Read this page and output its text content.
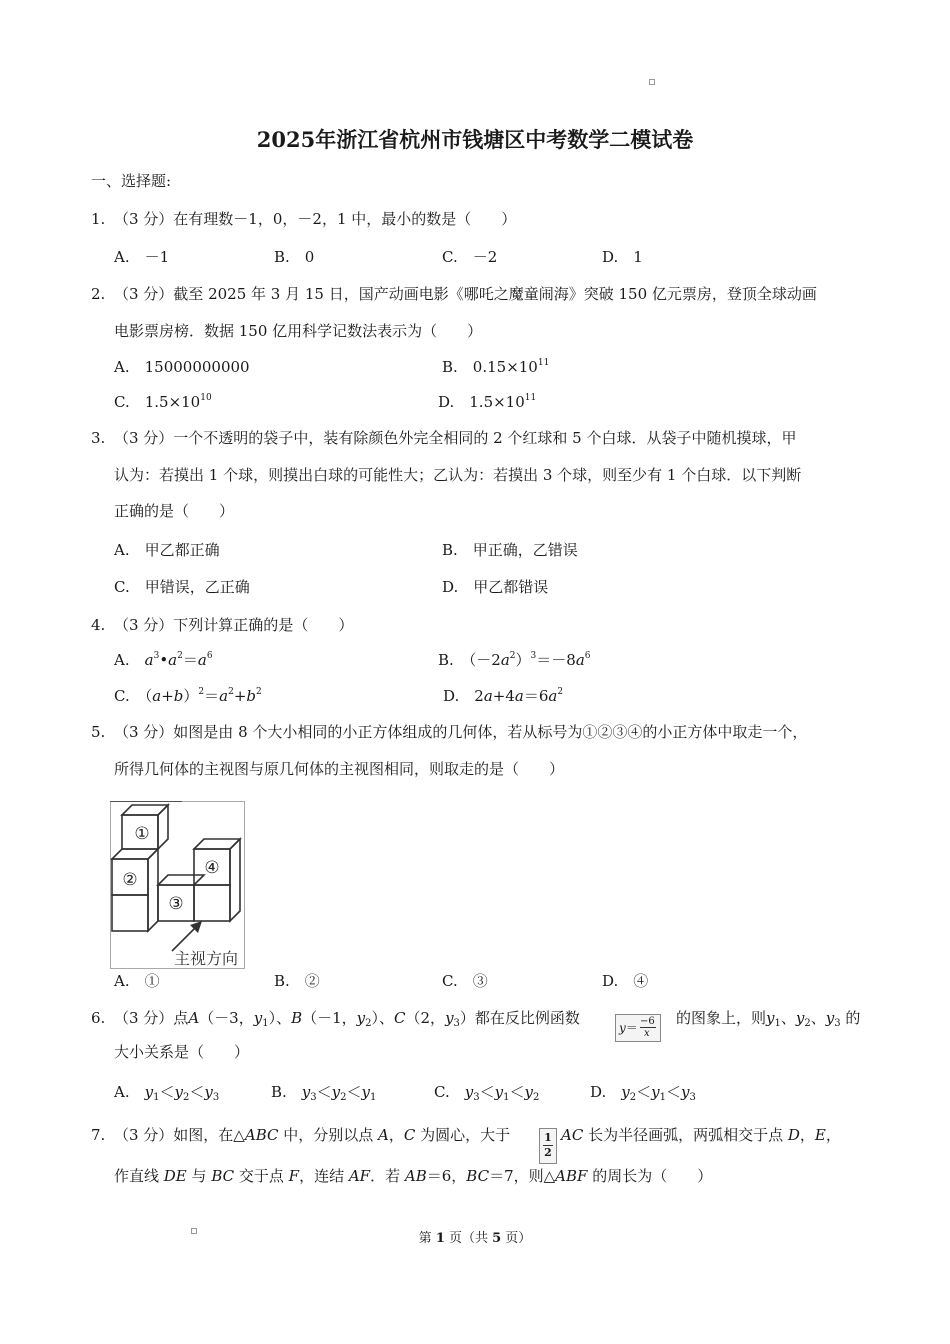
2025年浙江省杭州市钱塘区中考数学二模试卷
一、选择题:
1. （3 分）在有理数－1，0，－2，1 中，最小的数是（　　）
A.　－1	B.　0	C.　－2	D.　1
2. （3 分）截至 2025 年 3 月 15 日，国产动画电影《哪吒之魔童闹海》突破 150 亿元票房，登顶全球动画
电影票房榜．数据 150 亿用科学记数法表示为（　　）
A.　15000000000	B.　$0.15\times 10^{11}$
C.　$1.5\times 10^{10}$	D.　$1.5\times 10^{11}$
3. （3 分）一个不透明的袋子中，装有除颜色外完全相同的 2 个红球和 5 个白球．从袋子中随机摸球，甲
认为：若摸出 1 个球，则摸出白球的可能性大；乙认为：若摸出 3 个球，则至少有 1 个白球．以下判断
正确的是（　　）
A.　甲乙都正确	B.　甲正确，乙错误
C.　甲错误，乙正确	D.　甲乙都错误
4. （3 分）下列计算正确的是（　　）
A.　 $a^3•a^2=a^6$	B.　$(-2a^2)^3=-8a^6$
C.　$(a+b)^2=a^2+b^2$	D.　$2a+4a=6a^2$
5. （3 分）如图是由 8 个大小相同的小正方体组成的几何体，若从标号为①②③④的小正方体中取走一个，
所得几何体的主视图与原几何体的主视图相同，则取走的是（　　）
①
②
③
④
主视方向
A.　①	B.　②	C.　③	D.　④
6. （3 分）点A（－3，$y_1$）、B（－1，$y_2$）、C（2，$y_3$）都在反比例函数
y＝ −6
x
的图象上，则$y_1$、$y_2$、$y_3$ 的
大小关系是（　　）
A.　$y_1<y_2<y_3$	B.　$y_3<y_2<y_1$	C.　$y_3<y_1<y_2$	D.　$y_2<y_1<y_3$
7. （3 分）如图，在△ABC 中，分别以点 A，C 为圆心，大于	1
2
AC 长为半径画弧，两弧相交于点 D，E，
作直线 DE 与 BC 交于点 F，连结 AF．若 AB＝6，BC＝7，则△ABF 的周长为（　　）
第 1 页（共 5 页）
